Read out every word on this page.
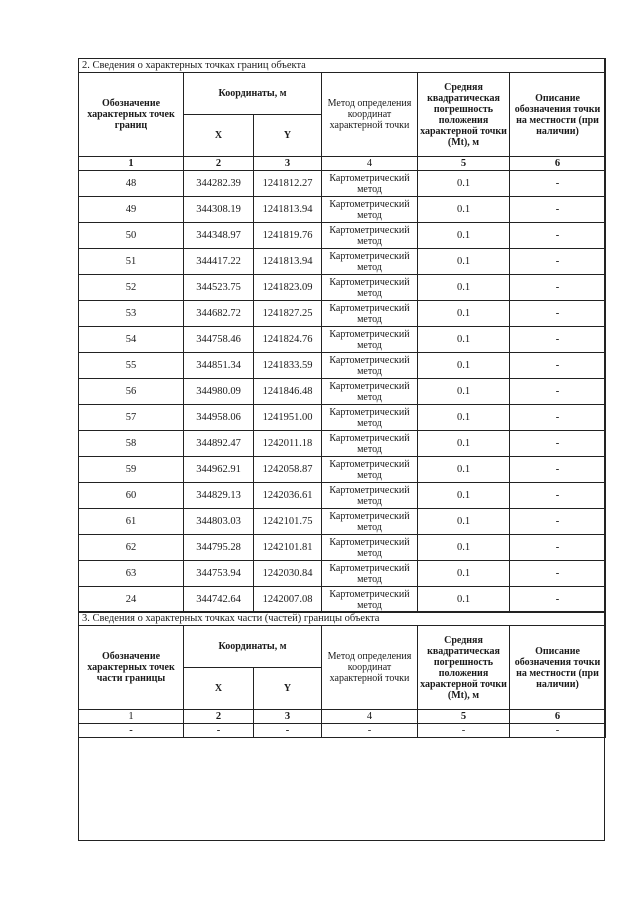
2. Сведения о характерных точках границ объекта					
Обозначение характерных точек границ	Координаты, м		Метод определения координат характерной точки	Средняя квадратическая погрешность положения характерной точки (Mt), м	Описание обозначения точки на местности (при наличии)
	X	Y			
1	2	3	4	5	6
48	344282.39	1241812.27	Картометрический метод	0.1	-
49	344308.19	1241813.94	Картометрический метод	0.1	-
50	344348.97	1241819.76	Картометрический метод	0.1	-
51	344417.22	1241813.94	Картометрический метод	0.1	-
52	344523.75	1241823.09	Картометрический метод	0.1	-
53	344682.72	1241827.25	Картометрический метод	0.1	-
54	344758.46	1241824.76	Картометрический метод	0.1	-
55	344851.34	1241833.59	Картометрический метод	0.1	-
56	344980.09	1241846.48	Картометрический метод	0.1	-
57	344958.06	1241951.00	Картометрический метод	0.1	-
58	344892.47	1242011.18	Картометрический метод	0.1	-
59	344962.91	1242058.87	Картометрический метод	0.1	-
60	344829.13	1242036.61	Картометрический метод	0.1	-
61	344803.03	1242101.75	Картометрический метод	0.1	-
62	344795.28	1242101.81	Картометрический метод	0.1	-
63	344753.94	1242030.84	Картометрический метод	0.1	-
24	344742.64	1242007.08	Картометрический метод	0.1	-
3. Сведения о характерных точках части (частей) границы объекта					
Обозначение характерных точек части границы	Координаты, м		Метод определения координат характерной точки	Средняя квадратическая погрешность положения характерной точки (Mt), м	Описание обозначения точки на местности (при наличии)
	X	Y			
1	2	3	4	5	6
-	-	-	-	-	-
